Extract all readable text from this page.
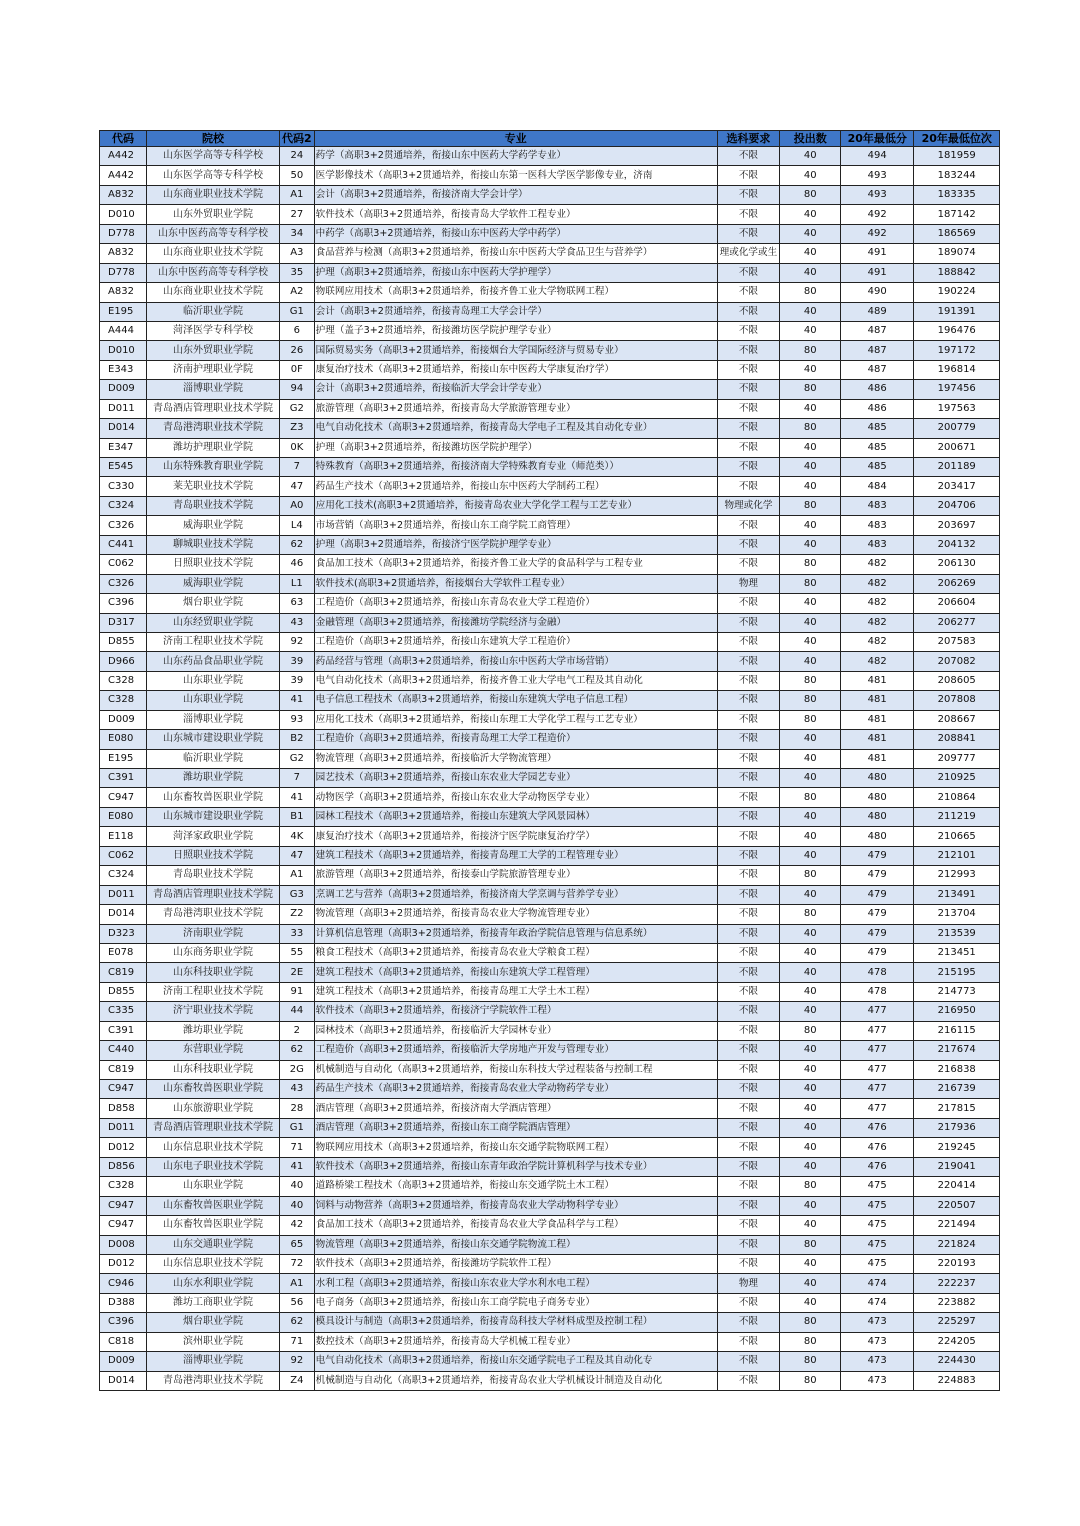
代码	院校	代码2	专业	选科要求	投出数	20年最低分	20年最低位次
A442	山东医学高等专科学校	24	药学（高职3+2贯通培养，衔接山东中医药大学药学专业）	不限	40	494	181959
A442	山东医学高等专科学校	50	医学影像技术（高职3+2贯通培养，衔接山东第一医科大学医学影像专业，济南	不限	40	493	183244
A832	山东商业职业技术学院	A1	会计（高职3+2贯通培养，衔接济南大学会计学）	不限	80	493	183335
D010	山东外贸职业学院	27	软件技术（高职3+2贯通培养，衔接青岛大学软件工程专业）	不限	40	492	187142
D778	山东中医药高等专科学校	34	中药学（高职3+2贯通培养，衔接山东中医药大学中药学）	不限	40	492	186569
A832	山东商业职业技术学院	A3	食品营养与检测（高职3+2贯通培养，衔接山东中医药大学食品卫生与营养学）	理或化学或生	40	491	189074
D778	山东中医药高等专科学校	35	护理（高职3+2贯通培养，衔接山东中医药大学护理学）	不限	40	491	188842
A832	山东商业职业技术学院	A2	物联网应用技术（高职3+2贯通培养，衔接齐鲁工业大学物联网工程）	不限	80	490	190224
E195	临沂职业学院	G1	会计（高职3+2贯通培养，衔接青岛理工大学会计学）	不限	40	489	191391
A444	菏泽医学专科学校	6	护理（盖子3+2贯通培养，衔接潍坊医学院护理学专业）	不限	40	487	196476
D010	山东外贸职业学院	26	国际贸易实务（高职3+2贯通培养，衔接烟台大学国际经济与贸易专业）	不限	80	487	197172
E343	济南护理职业学院	0F	康复治疗技术（高职3+2贯通培养，衔接山东中医药大学康复治疗学）	不限	40	487	196814
D009	淄博职业学院	94	会计（高职3+2贯通培养，衔接临沂大学会计学专业）	不限	80	486	197456
D011	青岛酒店管理职业技术学院	G2	旅游管理（高职3+2贯通培养，衔接青岛大学旅游管理专业）	不限	40	486	197563
D014	青岛港湾职业技术学院	Z3	电气自动化技术（高职3+2贯通培养，衔接青岛大学电子工程及其自动化专业）	不限	80	485	200779
E347	潍坊护理职业学院	0K	护理（高职3+2贯通培养，衔接潍坊医学院护理学）	不限	40	485	200671
E545	山东特殊教育职业学院	7	特殊教育（高职3+2贯通培养，衔接济南大学特殊教育专业（师范类））	不限	40	485	201189
C330	莱芜职业技术学院	47	药品生产技术（高职3+2贯通培养，衔接山东中医药大学制药工程）	不限	40	484	203417
C324	青岛职业技术学院	A0	应用化工技术(高职3+2贯通培养，衔接青岛农业大学化学工程与工艺专业）	物理或化学	80	483	204706
C326	威海职业学院	L4	市场营销（高职3+2贯通培养，衔接山东工商学院工商管理）	不限	40	483	203697
C441	聊城职业技术学院	62	护理（高职3+2贯通培养，衔接济宁医学院护理学专业）	不限	40	483	204132
C062	日照职业技术学院	46	食品加工技术（高职3+2贯通培养，衔接齐鲁工业大学的食品科学与工程专业	不限	80	482	206130
C326	威海职业学院	L1	软件技术(高职3+2贯通培养，衔接烟台大学软件工程专业）	物理	80	482	206269
C396	烟台职业学院	63	工程造价（高职3+2贯通培养，衔接山东青岛农业大学工程造价）	不限	40	482	206604
D317	山东经贸职业学院	43	金融管理（高职3+2贯通培养，衔接潍坊学院经济与金融）	不限	40	482	206277
D855	济南工程职业技术学院	92	工程造价（高职3+2贯通培养，衔接山东建筑大学工程造价）	不限	40	482	207583
D966	山东药品食品职业学院	39	药品经营与管理（高职3+2贯通培养，衔接山东中医药大学市场营销）	不限	40	482	207082
C328	山东职业学院	39	电气自动化技术（高职3+2贯通培养，衔接齐鲁工业大学电气工程及其自动化	不限	80	481	208605
C328	山东职业学院	41	电子信息工程技术（高职3+2贯通培养，衔接山东建筑大学电子信息工程）	不限	80	481	207808
D009	淄博职业学院	93	应用化工技术（高职3+2贯通培养，衔接山东理工大学化学工程与工艺专业）	不限	80	481	208667
E080	山东城市建设职业学院	B2	工程造价（高职3+2贯通培养，衔接青岛理工大学工程造价）	不限	40	481	208841
E195	临沂职业学院	G2	物流管理（高职3+2贯通培养，衔接临沂大学物流管理）	不限	40	481	209777
C391	潍坊职业学院	7	园艺技术（高职3+2贯通培养，衔接山东农业大学园艺专业）	不限	40	480	210925
C947	山东畜牧兽医职业学院	41	动物医学（高职3+2贯通培养，衔接山东农业大学动物医学专业）	不限	80	480	210864
E080	山东城市建设职业学院	B1	园林工程技术（高职3+2贯通培养，衔接山东建筑大学风景园林）	不限	40	480	211219
E118	菏泽家政职业学院	4K	康复治疗技术（高职3+2贯通培养，衔接济宁医学院康复治疗学）	不限	40	480	210665
C062	日照职业技术学院	47	建筑工程技术（高职3+2贯通培养，衔接青岛理工大学的工程管理专业）	不限	40	479	212101
C324	青岛职业技术学院	A1	旅游管理（高职3+2贯通培养，衔接泰山学院旅游管理专业）	不限	80	479	212993
D011	青岛酒店管理职业技术学院	G3	烹调工艺与营养（高职3+2贯通培养，衔接济南大学烹调与营养学专业）	不限	40	479	213491
D014	青岛港湾职业技术学院	Z2	物流管理（高职3+2贯通培养，衔接青岛农业大学物流管理专业）	不限	80	479	213704
D323	济南职业学院	33	计算机信息管理（高职3+2贯通培养，衔接青年政治学院信息管理与信息系统）	不限	40	479	213539
E078	山东商务职业学院	55	粮食工程技术（高职3+2贯通培养，衔接青岛农业大学粮食工程）	不限	40	479	213451
C819	山东科技职业学院	2E	建筑工程技术（高职3+2贯通培养，衔接山东建筑大学工程管理）	不限	40	478	215195
D855	济南工程职业技术学院	91	建筑工程技术（高职3+2贯通培养，衔接青岛理工大学土木工程）	不限	40	478	214773
C335	济宁职业技术学院	44	软件技术（高职3+2贯通培养，衔接济宁学院软件工程）	不限	40	477	216950
C391	潍坊职业学院	2	园林技术（高职3+2贯通培养，衔接临沂大学园林专业）	不限	80	477	216115
C440	东营职业学院	62	工程造价（高职3+2贯通培养，衔接临沂大学房地产开发与管理专业）	不限	40	477	217674
C819	山东科技职业学院	2G	机械制造与自动化（高职3+2贯通培养，衔接山东科技大学过程装备与控制工程	不限	40	477	216838
C947	山东畜牧兽医职业学院	43	药品生产技术（高职3+2贯通培养，衔接青岛农业大学动物药学专业）	不限	40	477	216739
D858	山东旅游职业学院	28	酒店管理（高职3+2贯通培养，衔接济南大学酒店管理）	不限	40	477	217815
D011	青岛酒店管理职业技术学院	G1	酒店管理（高职3+2贯通培养，衔接山东工商学院酒店管理）	不限	40	476	217936
D012	山东信息职业技术学院	71	物联网应用技术（高职3+2贯通培养，衔接山东交通学院物联网工程）	不限	40	476	219245
D856	山东电子职业技术学院	41	软件技术（高职3+2贯通培养，衔接山东青年政治学院计算机科学与技术专业）	不限	40	476	219041
C328	山东职业学院	40	道路桥梁工程技术（高职3+2贯通培养，衔接山东交通学院土木工程）	不限	80	475	220414
C947	山东畜牧兽医职业学院	40	饲料与动物营养（高职3+2贯通培养，衔接青岛农业大学动物科学专业）	不限	40	475	220507
C947	山东畜牧兽医职业学院	42	食品加工技术（高职3+2贯通培养，衔接青岛农业大学食品科学与工程）	不限	40	475	221494
D008	山东交通职业学院	65	物流管理（高职3+2贯通培养，衔接山东交通学院物流工程）	不限	80	475	221824
D012	山东信息职业技术学院	72	软件技术（高职3+2贯通培养，衔接潍坊学院软件工程）	不限	40	475	220193
C946	山东水利职业学院	A1	水利工程（高职3+2贯通培养，衔接山东农业大学水利水电工程）	物理	40	474	222237
D388	潍坊工商职业学院	56	电子商务（高职3+2贯通培养，衔接山东工商学院电子商务专业）	不限	40	474	223882
C396	烟台职业学院	62	模具设计与制造（高职3+2贯通培养，衔接青岛科技大学材料成型及控制工程）	不限	80	473	225297
C818	滨州职业学院	71	数控技术（高职3+2贯通培养，衔接青岛大学机械工程专业）	不限	80	473	224205
D009	淄博职业学院	92	电气自动化技术（高职3+2贯通培养，衔接山东交通学院电子工程及其自动化专	不限	80	473	224430
D014	青岛港湾职业技术学院	Z4	机械制造与自动化（高职3+2贯通培养，衔接青岛农业大学机械设计制造及自动化	不限	80	473	224883
